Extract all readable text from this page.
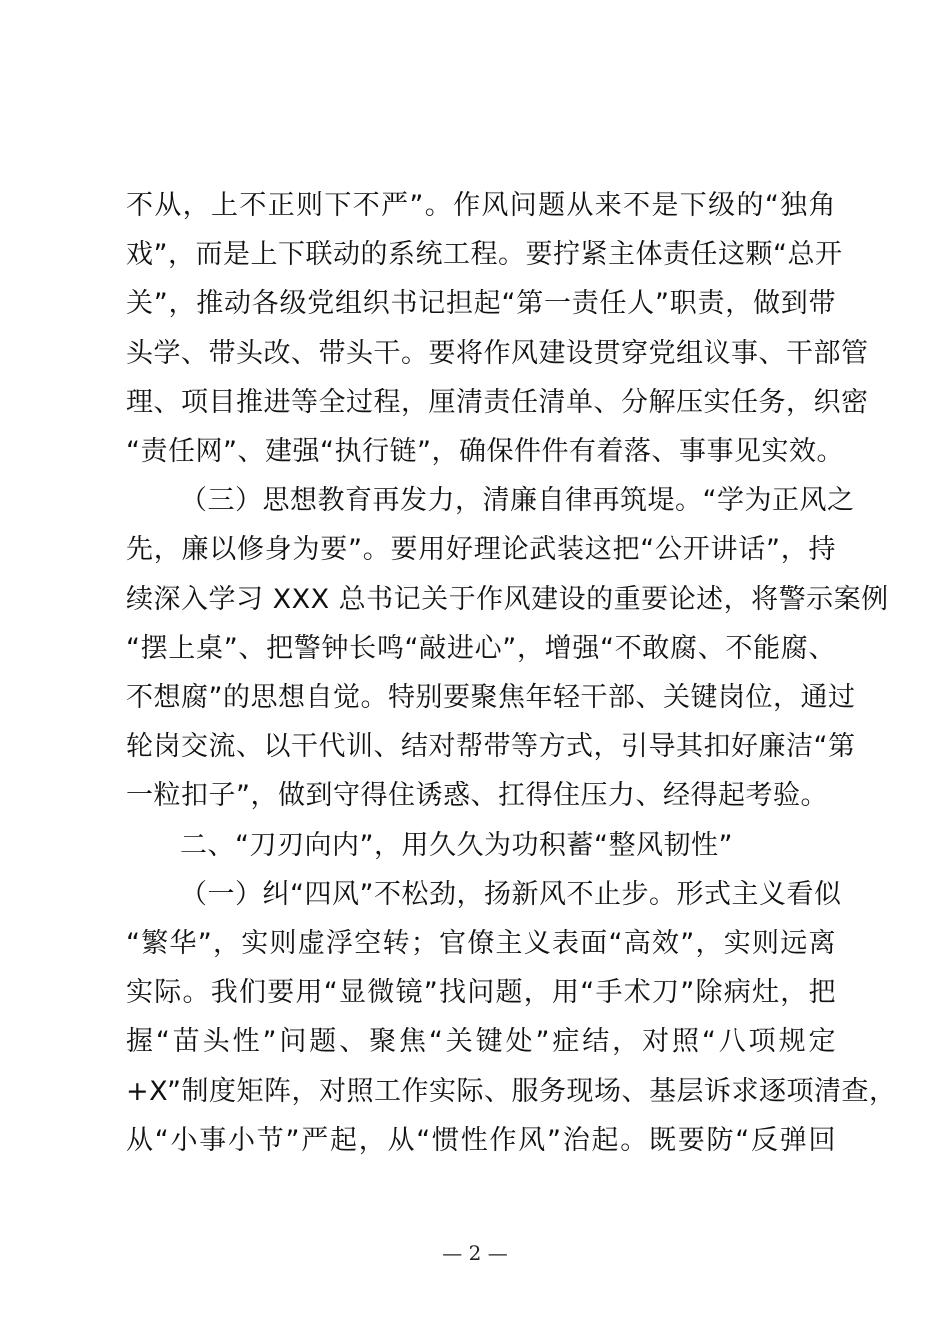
不从，上不正则下不严”。作风问题从来不是下级的“独角
戏”，而是上下联动的系统工程。要拧紧主体责任这颗“总开
关”，推动各级党组织书记担起“第一责任人”职责，做到带
头学、带头改、带头干。要将作风建设贯穿党组议事、干部管
理、项目推进等全过程，厘清责任清单、分解压实任务，织密
“责任网”、建强“执行链”，确保件件有着落、事事见实效。
（三）思想教育再发力，清廉自律再筑堤。“学为正风之
先，廉以修身为要”。要用好理论武装这把“公开讲话”，持
续深入学习 XXX 总书记关于作风建设的重要论述，将警示案例
“摆上桌”、把警钟长鸣“敲进心”，增强“不敢腐、不能腐、
不想腐”的思想自觉。特别要聚焦年轻干部、关键岗位，通过
轮岗交流、以干代训、结对帮带等方式，引导其扣好廉洁“第
一粒扣子”，做到守得住诱惑、扛得住压力、经得起考验。
二、“刀刃向内”，用久久为功积蓄“整风韧性”
（一）纠“四风”不松劲，扬新风不止步。形式主义看似
“繁华”，实则虚浮空转；官僚主义表面“高效”，实则远离
实际。我们要用“显微镜”找问题，用“手术刀”除病灶，把
握“苗头性”问题、聚焦“关键处”症结，对照“八项规定
+X”制度矩阵，对照工作实际、服务现场、基层诉求逐项清查，
从“小事小节”严起，从“惯性作风”治起。既要防“反弹回
— 2 —
